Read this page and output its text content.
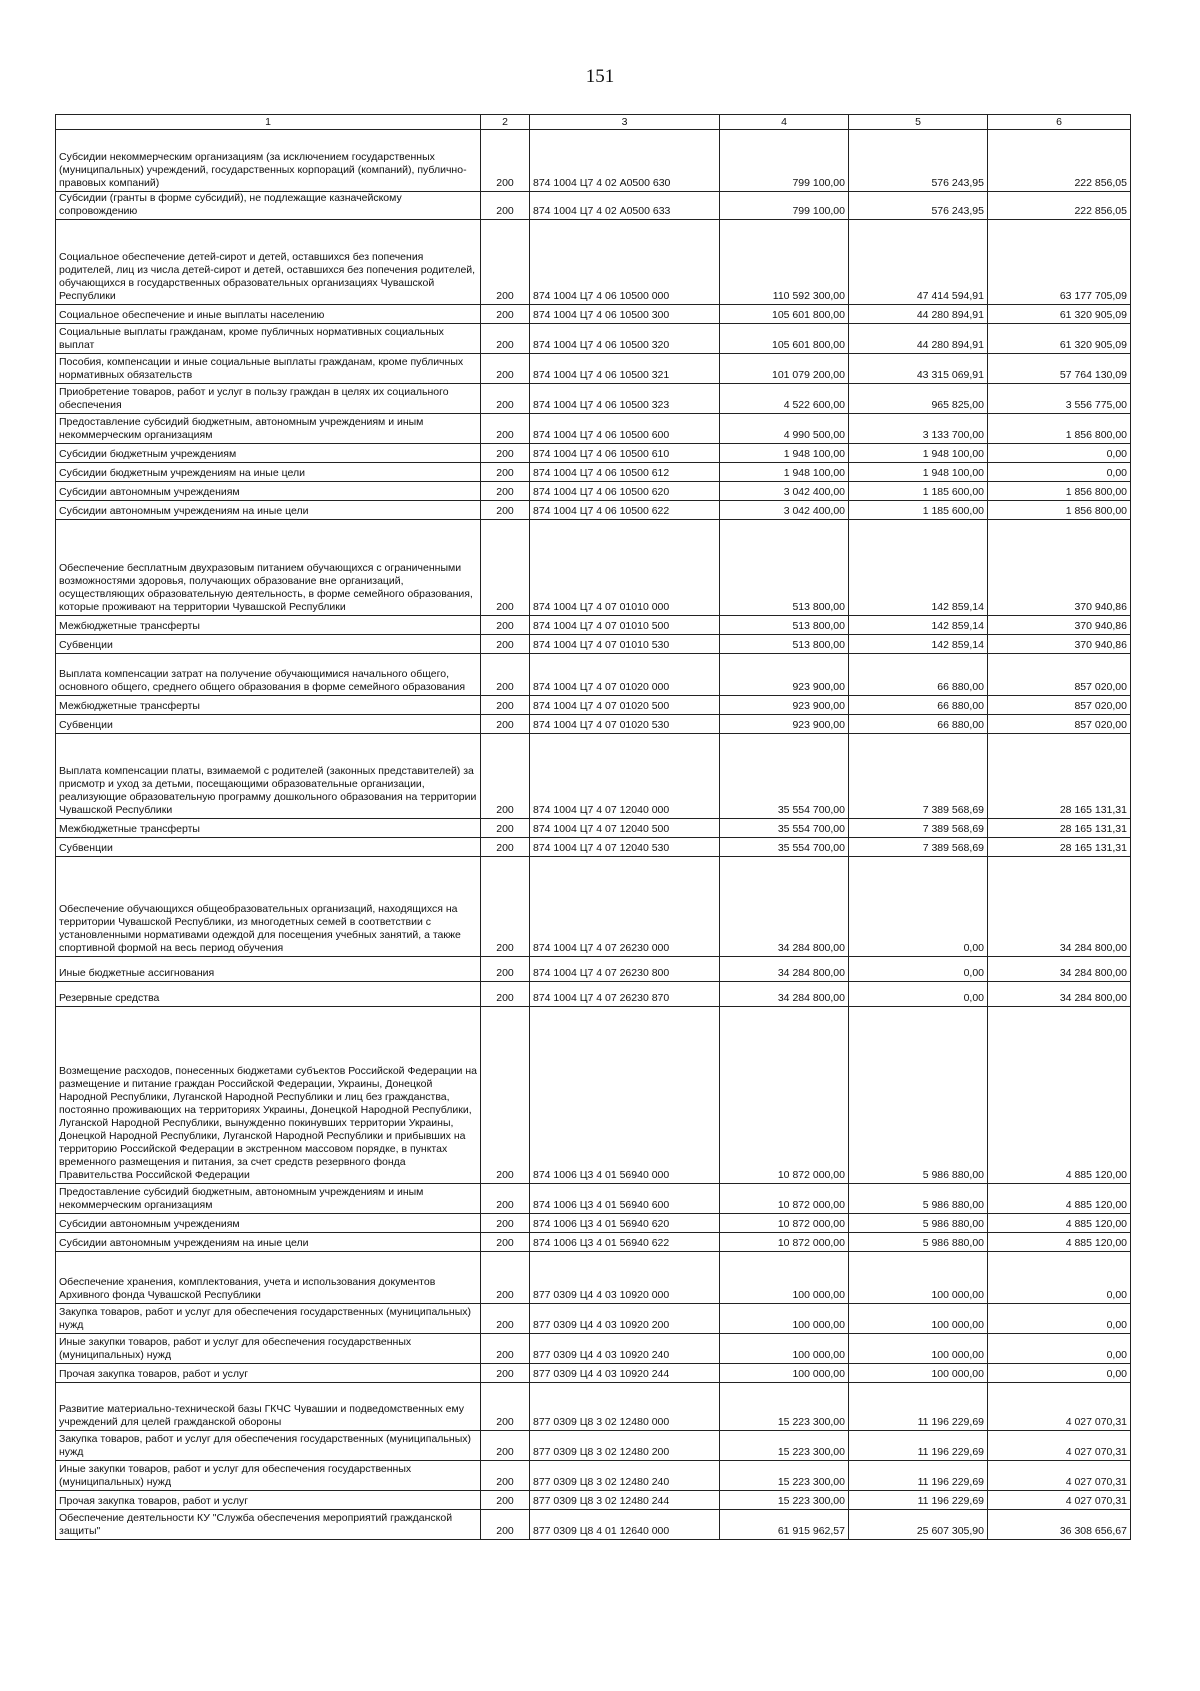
151
1	2	3	4	5	6
Субсидии некоммерческим организациям (за исключением государственных (муниципальных) учреждений, государственных корпораций (компаний), публично-правовых компаний)	200	874 1004 Ц7 4 02 А0500 630	799 100,00	576 243,95	222 856,05
Субсидии (гранты в форме субсидий), не подлежащие казначейскому сопровождению	200	874 1004 Ц7 4 02 А0500 633	799 100,00	576 243,95	222 856,05
Социальное обеспечение детей-сирот и детей, оставшихся без попечения родителей, лиц из числа детей-сирот и детей, оставшихся без попечения родителей, обучающихся в государственных образовательных организациях Чувашской Республики	200	874 1004 Ц7 4 06 10500 000	110 592 300,00	47 414 594,91	63 177 705,09
Социальное обеспечение и иные выплаты населению	200	874 1004 Ц7 4 06 10500 300	105 601 800,00	44 280 894,91	61 320 905,09
Социальные выплаты гражданам, кроме публичных нормативных социальных выплат	200	874 1004 Ц7 4 06 10500 320	105 601 800,00	44 280 894,91	61 320 905,09
Пособия, компенсации и иные социальные выплаты гражданам, кроме публичных нормативных обязательств	200	874 1004 Ц7 4 06 10500 321	101 079 200,00	43 315 069,91	57 764 130,09
Приобретение товаров, работ и услуг в пользу граждан в целях их социального обеспечения	200	874 1004 Ц7 4 06 10500 323	4 522 600,00	965 825,00	3 556 775,00
Предоставление субсидий бюджетным, автономным учреждениям и иным некоммерческим организациям	200	874 1004 Ц7 4 06 10500 600	4 990 500,00	3 133 700,00	1 856 800,00
Субсидии бюджетным учреждениям	200	874 1004 Ц7 4 06 10500 610	1 948 100,00	1 948 100,00	0,00
Субсидии бюджетным учреждениям на иные цели	200	874 1004 Ц7 4 06 10500 612	1 948 100,00	1 948 100,00	0,00
Субсидии автономным учреждениям	200	874 1004 Ц7 4 06 10500 620	3 042 400,00	1 185 600,00	1 856 800,00
Субсидии автономным учреждениям на иные цели	200	874 1004 Ц7 4 06 10500 622	3 042 400,00	1 185 600,00	1 856 800,00
Обеспечение бесплатным двухразовым питанием обучающихся с ограниченными возможностями здоровья, получающих образование вне организаций, осуществляющих образовательную деятельность, в форме семейного образования, которые проживают на территории Чувашской Республики	200	874 1004 Ц7 4 07 01010 000	513 800,00	142 859,14	370 940,86
Межбюджетные трансферты	200	874 1004 Ц7 4 07 01010 500	513 800,00	142 859,14	370 940,86
Субвенции	200	874 1004 Ц7 4 07 01010 530	513 800,00	142 859,14	370 940,86
Выплата компенсации затрат на получение обучающимися начального общего, основного общего, среднего общего образования в форме семейного образования	200	874 1004 Ц7 4 07 01020 000	923 900,00	66 880,00	857 020,00
Межбюджетные трансферты	200	874 1004 Ц7 4 07 01020 500	923 900,00	66 880,00	857 020,00
Субвенции	200	874 1004 Ц7 4 07 01020 530	923 900,00	66 880,00	857 020,00
Выплата компенсации платы, взимаемой с родителей (законных представителей) за присмотр и уход за детьми, посещающими образовательные организации, реализующие образовательную программу дошкольного образования на территории Чувашской Республики	200	874 1004 Ц7 4 07 12040 000	35 554 700,00	7 389 568,69	28 165 131,31
Межбюджетные трансферты	200	874 1004 Ц7 4 07 12040 500	35 554 700,00	7 389 568,69	28 165 131,31
Субвенции	200	874 1004 Ц7 4 07 12040 530	35 554 700,00	7 389 568,69	28 165 131,31
Обеспечение обучающихся общеобразовательных организаций, находящихся на территории Чувашской Республики, из многодетных семей в соответствии с установленными нормативами одеждой для посещения учебных занятий, а также спортивной формой на весь период обучения	200	874 1004 Ц7 4 07 26230 000	34 284 800,00	0,00	34 284 800,00
Иные бюджетные ассигнования	200	874 1004 Ц7 4 07 26230 800	34 284 800,00	0,00	34 284 800,00
Резервные средства	200	874 1004 Ц7 4 07 26230 870	34 284 800,00	0,00	34 284 800,00
Возмещение расходов, понесенных бюджетами субъектов Российской Федерации на размещение и питание граждан Российской Федерации, Украины, Донецкой Народной Республики, Луганской Народной Республики и лиц без гражданства, постоянно проживающих на территориях Украины, Донецкой Народной Республики, Луганской Народной Республики, вынужденно покинувших территории Украины, Донецкой Народной Республики, Луганской Народной Республики и прибывших на территорию Российской Федерации в экстренном массовом порядке, в пунктах временного размещения и питания, за счет средств резервного фонда Правительства Российской Федерации	200	874 1006 Ц3 4 01 56940 000	10 872 000,00	5 986 880,00	4 885 120,00
Предоставление субсидий бюджетным, автономным учреждениям и иным некоммерческим организациям	200	874 1006 Ц3 4 01 56940 600	10 872 000,00	5 986 880,00	4 885 120,00
Субсидии автономным учреждениям	200	874 1006 Ц3 4 01 56940 620	10 872 000,00	5 986 880,00	4 885 120,00
Субсидии автономным учреждениям на иные цели	200	874 1006 Ц3 4 01 56940 622	10 872 000,00	5 986 880,00	4 885 120,00
Обеспечение хранения, комплектования, учета и использования документов Архивного фонда Чувашской Республики	200	877 0309 Ц4 4 03 10920 000	100 000,00	100 000,00	0,00
Закупка товаров, работ и услуг для обеспечения государственных (муниципальных) нужд	200	877 0309 Ц4 4 03 10920 200	100 000,00	100 000,00	0,00
Иные закупки товаров, работ и услуг для обеспечения государственных (муниципальных) нужд	200	877 0309 Ц4 4 03 10920 240	100 000,00	100 000,00	0,00
Прочая закупка товаров, работ и услуг	200	877 0309 Ц4 4 03 10920 244	100 000,00	100 000,00	0,00
Развитие материально-технической базы ГКЧС Чувашии и подведомственных ему учреждений для целей гражданской обороны	200	877 0309 Ц8 3 02 12480 000	15 223 300,00	11 196 229,69	4 027 070,31
Закупка товаров, работ и услуг для обеспечения государственных (муниципальных) нужд	200	877 0309 Ц8 3 02 12480 200	15 223 300,00	11 196 229,69	4 027 070,31
Иные закупки товаров, работ и услуг для обеспечения государственных (муниципальных) нужд	200	877 0309 Ц8 3 02 12480 240	15 223 300,00	11 196 229,69	4 027 070,31
Прочая закупка товаров, работ и услуг	200	877 0309 Ц8 3 02 12480 244	15 223 300,00	11 196 229,69	4 027 070,31
Обеспечение деятельности КУ "Служба обеспечения мероприятий гражданской защиты"	200	877 0309 Ц8 4 01 12640 000	61 915 962,57	25 607 305,90	36 308 656,67
